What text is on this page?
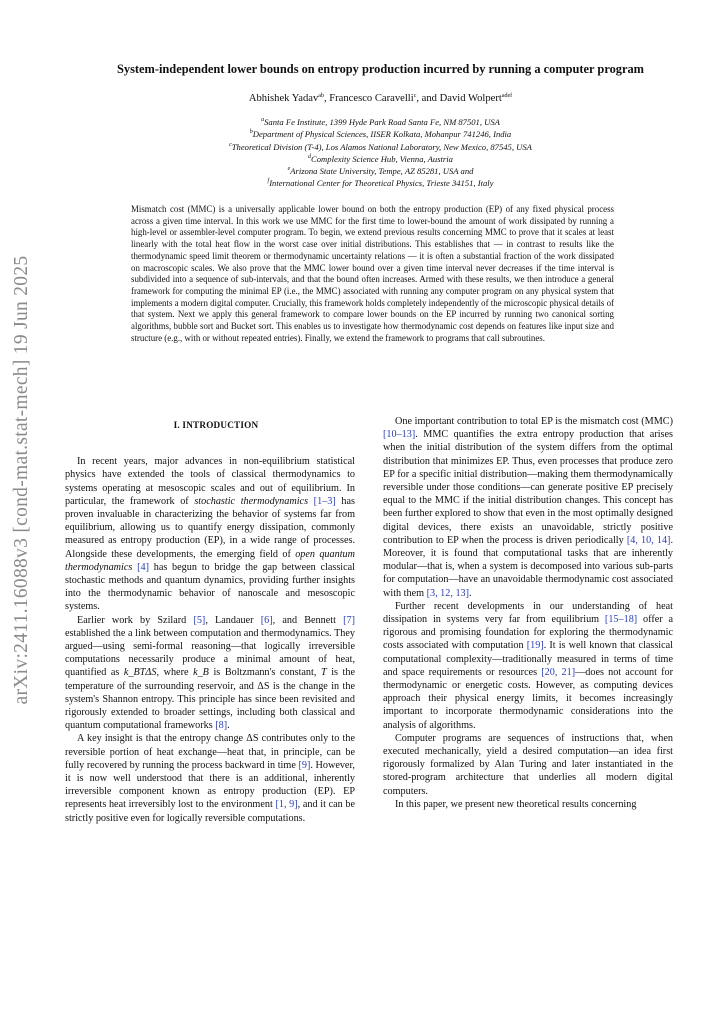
arXiv:2411.16088v3 [cond-mat.stat-mech] 19 Jun 2025
System-independent lower bounds on entropy production incurred by running a computer program
Abhishek Yadav$^{ab}$, Francesco Caravelli$^c$, and David Wolpert$^{adef}$
$^a$Santa Fe Institute, 1399 Hyde Park Road Santa Fe, NM 87501, USA
$^b$Department of Physical Sciences, IISER Kolkata, Mohanpur 741246, India
$^c$Theoretical Division (T-4), Los Alamos National Laboratory, New Mexico, 87545, USA
$^d$Complexity Science Hub, Vienna, Austria
$^e$Arizona State University, Tempe, AZ 85281, USA and
$^f$International Center for Theoretical Physics, Trieste 34151, Italy
Mismatch cost (MMC) is a universally applicable lower bound on both the entropy production (EP) of any fixed physical process across a given time interval. In this work we use MMC for the first time to lower-bound the amount of work dissipated by running a high-level or assembler-level computer program. To begin, we extend previous results concerning MMC to prove that it scales at least linearly with the total heat flow in the worst case over initial distributions. This establishes that — in contrast to results like the thermodynamic speed limit theorem or thermodynamic uncertainty relations — it is often a substantial fraction of the work dissipated on macroscopic scales. We also prove that the MMC lower bound over a given time interval never decreases if the time interval is subdivided into a sequence of sub-intervals, and that the bound often increases. Armed with these results, we then introduce a general framework for computing the minimal EP (i.e., the MMC) associated with running any computer program on any physical system that implements a modern digital computer. Crucially, this framework holds completely independently of the microscopic physical details of that system. Next we apply this general framework to compare lower bounds on the EP incurred by running two canonical sorting algorithms, bubble sort and Bucket sort. This enables us to investigate how thermodynamic cost depends on features like input size and structure (e.g., with or without repeated entries). Finally, we extend the framework to programs that call subroutines.

I. INTRODUCTION

In recent years, major advances in non-equilibrium statistical physics have extended the tools of classical thermodynamics to systems operating at mesoscopic scales and out of equilibrium. In particular, the framework of stochastic thermodynamics [1–3] has proven invaluable in characterizing the behavior of systems far from equilibrium, allowing us to quantify energy dissipation, commonly measured as entropy production (EP), in a wide range of processes. Alongside these developments, the emerging field of open quantum thermodynamics [4] has begun to bridge the gap between classical stochastic methods and quantum dynamics, providing further insights into the thermodynamic behavior of nanoscale and mesoscopic systems.

Earlier work by Szilard [5], Landauer [6], and Bennett [7] established the a link between computation and thermodynamics. They argued—using semi-formal reasoning—that logically irreversible computations necessarily produce a minimal amount of heat, quantified as k_BTΔS, where k_B is Boltzmann's constant, T is the temperature of the surrounding reservoir, and ΔS is the change in the system's Shannon entropy. This principle has since been revisited and rigorously extended to broader settings, including both classical and quantum computational frameworks [8].

A key insight is that the entropy change ΔS contributes only to the reversible portion of heat exchange—heat that, in principle, can be fully recovered by running the process backward in time [9]. However, it is now well understood that there is an additional, inherently irreversible component known as entropy production (EP). EP represents heat irreversibly lost to the environment [1, 9], and it can be strictly positive even for logically reversible computations.

One important contribution to total EP is the mismatch cost (MMC) [10–13]. MMC quantifies the extra entropy production that arises when the initial distribution of the system differs from the optimal distribution that minimizes EP. Thus, even processes that produce zero EP for a specific initial distribution—making them thermodynamically reversible under those conditions—can generate positive EP precisely equal to the MMC if the initial distribution changes. This concept has been further explored to show that even in the most optimally designed digital devices, there exists an unavoidable, strictly positive contribution to EP when the process is driven periodically [4, 10, 14]. Moreover, it is found that computational tasks that are inherently modular—that is, when a system is decomposed into various sub-parts for computation—have an unavoidable thermodynamic cost associated with them [3, 12, 13].

Further recent developments in our understanding of heat dissipation in systems very far from equilibrium [15–18] offer a rigorous and promising foundation for exploring the thermodynamic costs associated with computation [19]. It is well known that classical computational complexity—traditionally measured in terms of time and space requirements or resources [20, 21]—does not account for thermodynamic or energetic costs. However, as computing devices approach their physical energy limits, it becomes increasingly important to incorporate thermodynamic considerations into the analysis of algorithms.

Computer programs are sequences of instructions that, when executed mechanically, yield a desired computation—an idea first rigorously formalized by Alan Turing and later instantiated in the stored-program architecture that underlies all modern digital computers.

In this paper, we present new theoretical results concerning
